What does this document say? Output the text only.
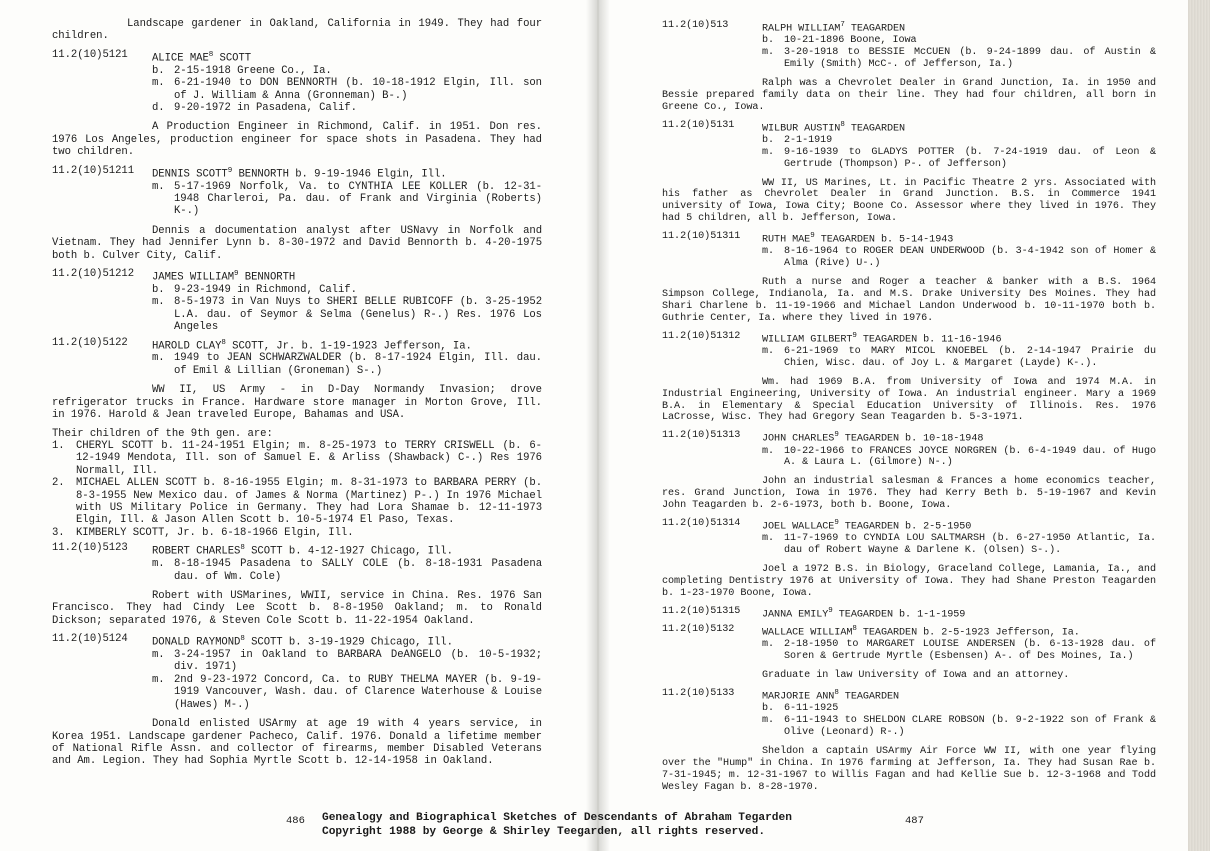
Landscape gardener in Oakland, California in 1949. They had four children.
11.2(10)5121	ALICE MAE$^8$ SCOTT
b. 2-15-1918 Greene Co., Ia.
m. 6-21-1940 to DON BENNORTH (b. 10-18-1912 Elgin, Ill. son of J. William & Anna (Gronneman) B-.)
d. 9-20-1972 in Pasadena, Calif.
A Production Engineer in Richmond, Calif. in 1951. Don res. 1976 Los Angeles, production engineer for space shots in Pasadena. They had two children.
11.2(10)51211	DENNIS SCOTT$^9$ BENNORTH b. 9-19-1946 Elgin, Ill.
m. 5-17-1969 Norfolk, Va. to CYNTHIA LEE KOLLER (b. 12-31-1948 Charleroi, Pa. dau. of Frank and Virginia (Roberts) K-.)
Dennis a documentation analyst after USNavy in Norfolk and Vietnam. They had Jennifer Lynn b. 8-30-1972 and David Bennorth b. 4-20-1975 both b. Culver City, Calif.
11.2(10)51212	JAMES WILLIAM$^9$ BENNORTH
b. 9-23-1949 in Richmond, Calif.
m. 8-5-1973 in Van Nuys to SHERI BELLE RUBICOFF (b. 3-25-1952 L.A. dau. of Seymor & Selma (Genelus) R-.) Res. 1976 Los Angeles
11.2(10)5122	HAROLD CLAY$^8$ SCOTT, Jr. b. 1-19-1923 Jefferson, Ia.
m. 1949 to JEAN SCHWARZWALDER (b. 8-17-1924 Elgin, Ill. dau. of Emil & Lillian (Groneman) S-.)
WW II, US Army - in D-Day Normandy Invasion; drove refrigerator trucks in France. Hardware store manager in Morton Grove, Ill. in 1976. Harold & Jean traveled Europe, Bahamas and USA.
Their children of the 9th gen. are:
1.	CHERYL SCOTT b. 11-24-1951 Elgin; m. 8-25-1973 to TERRY CRISWELL (b. 6-12-1949 Mendota, Ill. son of Samuel E. & Arliss (Shawback) C-.) Res 1976 Normall, Ill.
2.	MICHAEL ALLEN SCOTT b. 8-16-1955 Elgin; m. 8-31-1973 to BARBARA PERRY (b. 8-3-1955 New Mexico dau. of James & Norma (Martinez) P-.) In 1976 Michael with US Military Police in Germany. They had Lora Shamae b. 12-11-1973 Elgin, Ill. & Jason Allen Scott b. 10-5-1974 El Paso, Texas.
3.	KIMBERLY SCOTT, Jr. b. 6-18-1966 Elgin, Ill.
11.2(10)5123	ROBERT CHARLES$^8$ SCOTT b. 4-12-1927 Chicago, Ill.
m. 8-18-1945 Pasadena to SALLY COLE (b. 8-18-1931 Pasadena dau. of Wm. Cole)
Robert with USMarines, WWII, service in China. Res. 1976 San Francisco. They had Cindy Lee Scott b. 8-8-1950 Oakland; m. to Ronald Dickson; separated 1976, & Steven Cole Scott b. 11-22-1954 Oakland.
11.2(10)5124	DONALD RAYMOND$^8$ SCOTT b. 3-19-1929 Chicago, Ill.
m. 3-24-1957 in Oakland to BARBARA DeANGELO (b. 10-5-1932; div. 1971)
m. 2nd 9-23-1972 Concord, Ca. to RUBY THELMA MAYER (b. 9-19-1919 Vancouver, Wash. dau. of Clarence Waterhouse & Louise (Hawes) M-.)
Donald enlisted USArmy at age 19 with 4 years service, in Korea 1951. Landscape gardener Pacheco, Calif. 1976. Donald a lifetime member of National Rifle Assn. and collector of firearms, member Disabled Veterans and Am. Legion. They had Sophia Myrtle Scott b. 12-14-1958 in Oakland.
11.2(10)513	RALPH WILLIAM$^7$ TEAGARDEN
b. 10-21-1896 Boone, Iowa
m. 3-20-1918 to BESSIE McCUEN (b. 9-24-1899 dau. of Austin & Emily (Smith) McC-. of Jefferson, Ia.)
Ralph was a Chevrolet Dealer in Grand Junction, Ia. in 1950 and Bessie prepared family data on their line. They had four children, all born in Greene Co., Iowa.
11.2(10)5131	WILBUR AUSTIN$^8$ TEAGARDEN
b. 2-1-1919
m. 9-16-1939 to GLADYS POTTER (b. 7-24-1919 dau. of Leon & Gertrude (Thompson) P-. of Jefferson)
WW II, US Marines, Lt. in Pacific Theatre 2 yrs. Associated with his father as Chevrolet Dealer in Grand Junction. B.S. in Commerce 1941 university of Iowa, Iowa City; Boone Co. Assessor where they lived in 1976. They had 5 children, all b. Jefferson, Iowa.
11.2(10)51311	RUTH MAE$^9$ TEAGARDEN b. 5-14-1943
m. 8-16-1964 to ROGER DEAN UNDERWOOD (b. 3-4-1942 son of Homer & Alma (Rive) U-.)
Ruth a nurse and Roger a teacher & banker with a B.S. 1964 Simpson College, Indianola, Ia. and M.S. Drake University Des Moines. They had Shari Charlene b. 11-19-1966 and Michael Landon Underwood b. 10-11-1970 both b. Guthrie Center, Ia. where they lived in 1976.
11.2(10)51312	WILLIAM GILBERT$^9$ TEAGARDEN b. 11-16-1946
m. 6-21-1969 to MARY MICOL KNOEBEL (b. 2-14-1947 Prairie du Chien, Wisc. dau. of Joy L. & Margaret (Layde) K-.).
Wm. had 1969 B.A. from University of Iowa and 1974 M.A. in Industrial Engineering, University of Iowa. An industrial engineer. Mary a 1969 B.A. in Elementary & Special Education University of Illinois. Res. 1976 LaCrosse, Wisc. They had Gregory Sean Teagarden b. 5-3-1971.
11.2(10)51313	JOHN CHARLES$^9$ TEAGARDEN b. 10-18-1948
m. 10-22-1966 to FRANCES JOYCE NORGREN (b. 6-4-1949 dau. of Hugo A. & Laura L. (Gilmore) N-.)
John an industrial salesman & Frances a home economics teacher, res. Grand Junction, Iowa in 1976. They had Kerry Beth b. 5-19-1967 and Kevin John Teagarden b. 2-6-1973, both b. Boone, Iowa.
11.2(10)51314	JOEL WALLACE$^9$ TEAGARDEN b. 2-5-1950
m. 11-7-1969 to CYNDIA LOU SALTMARSH (b. 6-27-1950 Atlantic, Ia. dau of Robert Wayne & Darlene K. (Olsen) S-.).
Joel a 1972 B.S. in Biology, Graceland College, Lamania, Ia., and completing Dentistry 1976 at University of Iowa. They had Shane Preston Teagarden b. 1-23-1970 Boone, Iowa.
11.2(10)51315	JANNA EMILY$^9$ TEAGARDEN b. 1-1-1959
11.2(10)5132	WALLACE WILLIAM$^8$ TEAGARDEN b. 2-5-1923 Jefferson, Ia.
m. 2-18-1950 to MARGARET LOUISE ANDERSEN (b. 6-13-1928 dau. of Soren & Gertrude Myrtle (Esbensen) A-. of Des Moines, Ia.)
Graduate in law University of Iowa and an attorney.
11.2(10)5133	MARJORIE ANN$^8$ TEAGARDEN
b. 6-11-1925
m. 6-11-1943 to SHELDON CLARE ROBSON (b. 9-2-1922 son of Frank & Olive (Leonard) R-.)
Sheldon a captain USArmy Air Force WW II, with one year flying over the "Hump" in China. In 1976 farming at Jefferson, Ia. They had Susan Rae b. 7-31-1945; m. 12-31-1967 to Willis Fagan and had Kellie Sue b. 12-3-1968 and Todd Wesley Fagan b. 8-28-1970.
486	487
Genealogy and Biographical Sketches of Descendants of Abraham Tegarden
Copyright 1988 by George & Shirley Teegarden, all rights reserved.
